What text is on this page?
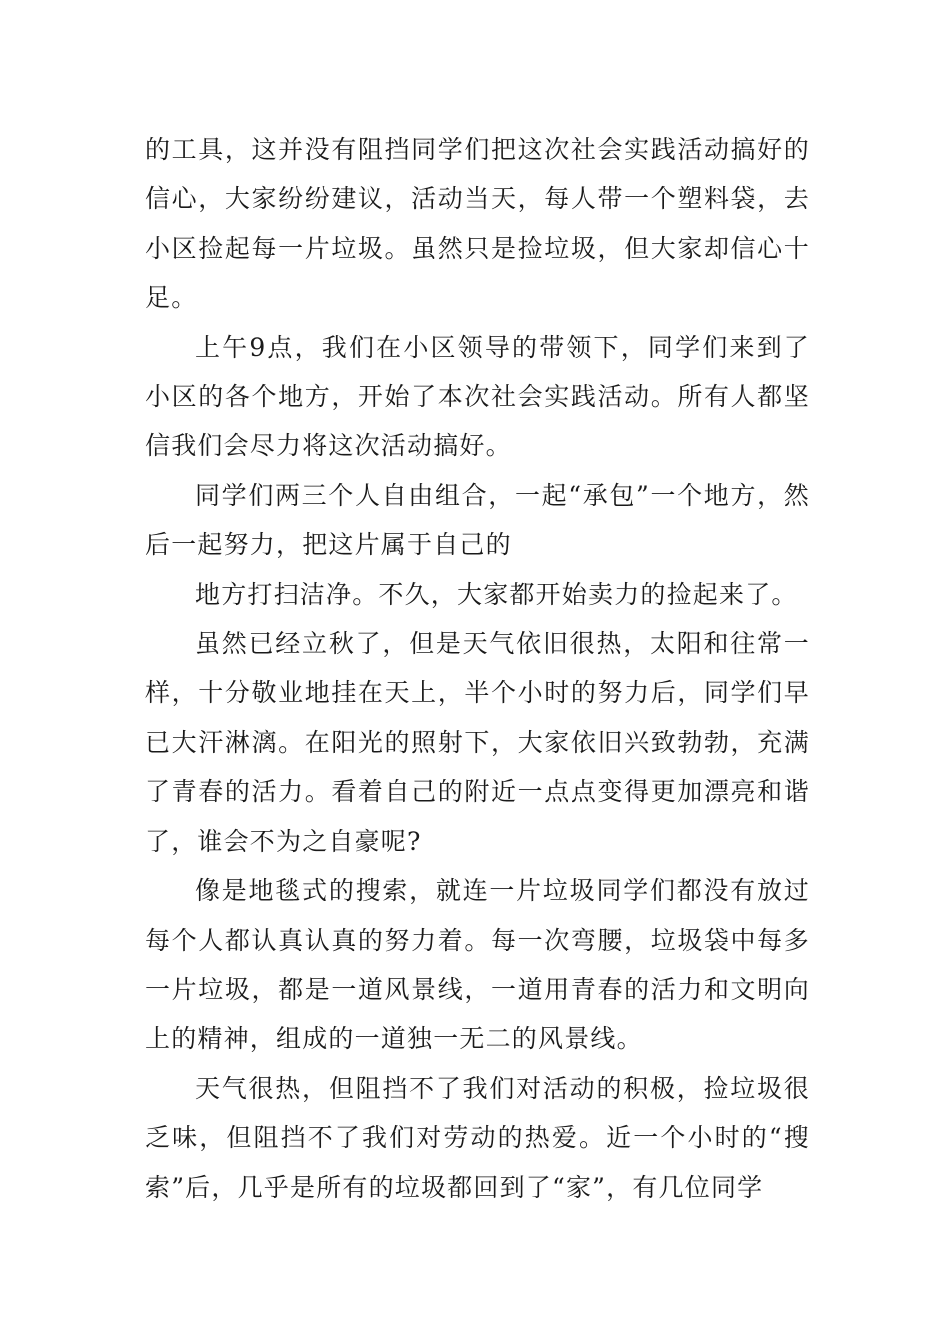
的工具，这并没有阻挡同学们把这次社会实践活动搞好的信心，大家纷纷建议，活动当天，每人带一个塑料袋，去小区捡起每一片垃圾。虽然只是捡垃圾，但大家却信心十足。

上午9点，我们在小区领导的带领下，同学们来到了小区的各个地方，开始了本次社会实践活动。所有人都坚信我们会尽力将这次活动搞好。

同学们两三个人自由组合，一起“承包”一个地方，然后一起努力，把这片属于自己的

地方打扫洁净。不久，大家都开始卖力的捡起来了。

虽然已经立秋了，但是天气依旧很热，太阳和往常一样，十分敬业地挂在天上，半个小时的努力后，同学们早已大汗淋漓。在阳光的照射下，大家依旧兴致勃勃，充满了青春的活力。看着自己的附近一点点变得更加漂亮和谐了，谁会不为之自豪呢?

像是地毯式的搜索，就连一片垃圾同学们都没有放过每个人都认真认真的努力着。每一次弯腰，垃圾袋中每多一片垃圾，都是一道风景线，一道用青春的活力和文明向上的精神，组成的一道独一无二的风景线。

天气很热，但阻挡不了我们对活动的积极，捡垃圾很乏味，但阻挡不了我们对劳动的热爱。近一个小时的“搜索”后，几乎是所有的垃圾都回到了“家”，有几位同学
